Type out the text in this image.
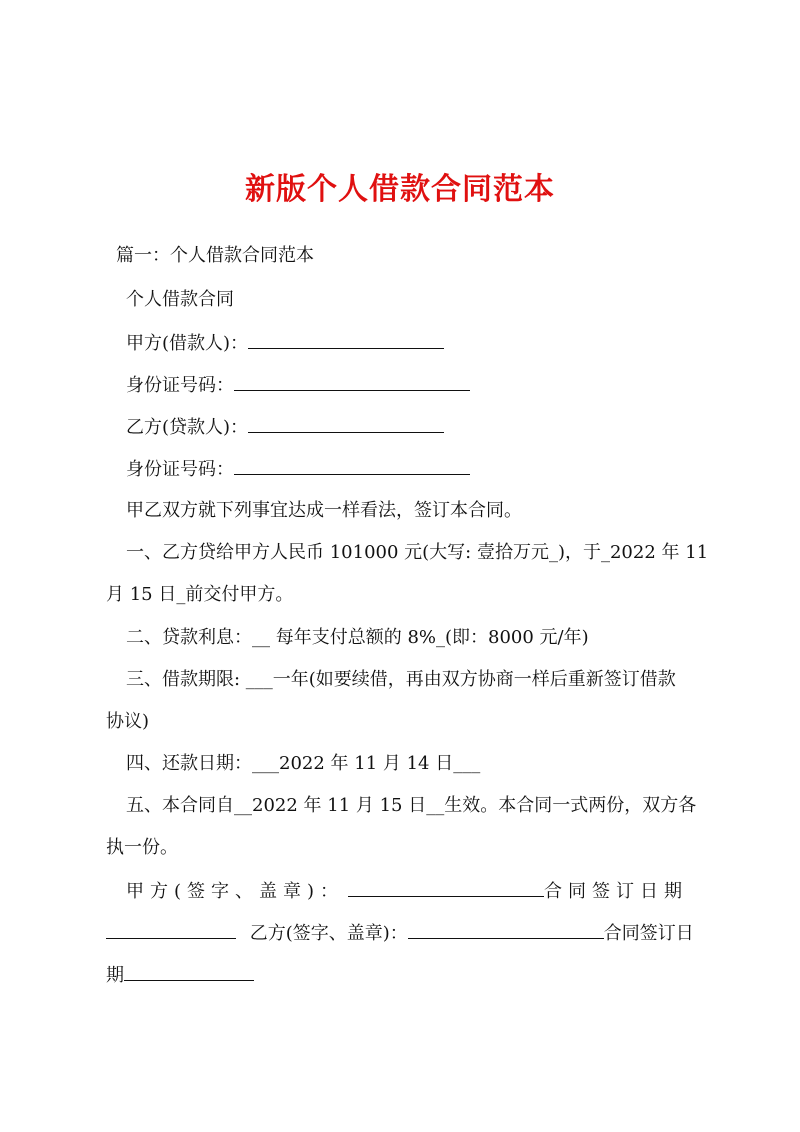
新版个人借款合同范本

篇一：个人借款合同范本

个人借款合同

甲方(借款人)：

身份证号码：

乙方(贷款人)：

身份证号码：

甲乙双方就下列事宜达成一样看法，签订本合同。

一、乙方贷给甲方人民币 101000 元(大写: 壹拾万元_)，于_2022 年 11

月 15 日_前交付甲方。

二、贷款利息：__ 每年支付总额的 8%_(即：8000 元/年)

三、借款期限: ___一年(如要续借，再由双方协商一样后重新签订借款

协议)

四、还款日期：___2022 年 11 月 14 日___

五、本合同自__2022 年 11 月 15 日__生效。本合同一式两份，双方各

执一份。

甲方(签字、盖章)：	合同签订日期

乙方(签字、盖章)：	合同签订日

期
